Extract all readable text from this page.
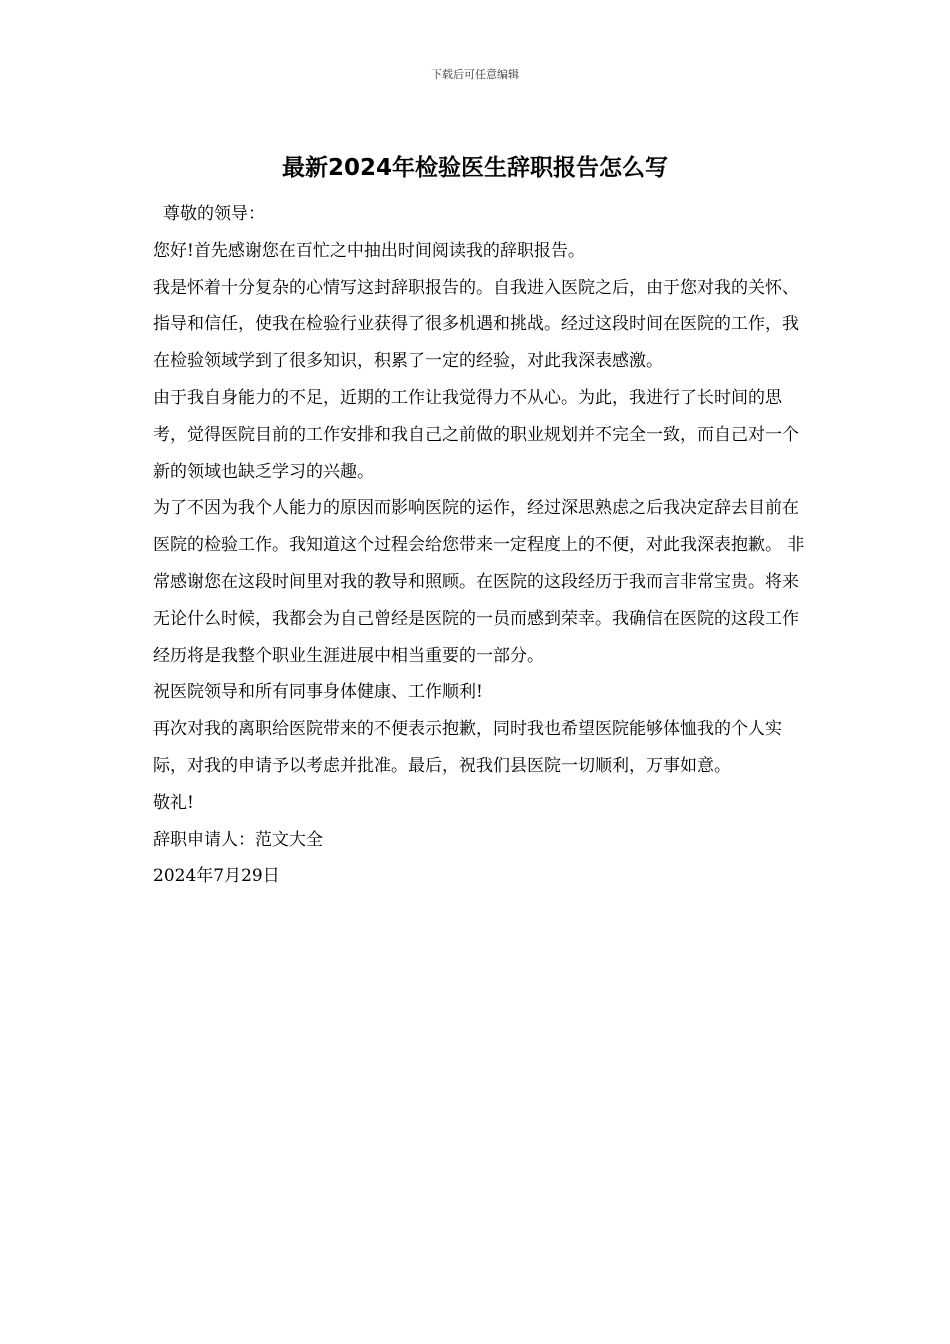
下载后可任意编辑
最新2024年检验医生辞职报告怎么写

尊敬的领导：

您好!首先感谢您在百忙之中抽出时间阅读我的辞职报告。

我是怀着十分复杂的心情写这封辞职报告的。自我进入医院之后，由于您对我的关怀、指导和信任，使我在检验行业获得了很多机遇和挑战。经过这段时间在医院的工作，我在检验领域学到了很多知识，积累了一定的经验，对此我深表感激。

由于我自身能力的不足，近期的工作让我觉得力不从心。为此，我进行了长时间的思考，觉得医院目前的工作安排和我自己之前做的职业规划并不完全一致，而自己对一个新的领域也缺乏学习的兴趣。

为了不因为我个人能力的原因而影响医院的运作，经过深思熟虑之后我决定辞去目前在医院的检验工作。我知道这个过程会给您带来一定程度上的不便，对此我深表抱歉。 非常感谢您在这段时间里对我的教导和照顾。在医院的这段经历于我而言非常宝贵。将来无论什么时候，我都会为自己曾经是医院的一员而感到荣幸。我确信在医院的这段工作经历将是我整个职业生涯进展中相当重要的一部分。

祝医院领导和所有同事身体健康、工作顺利!

再次对我的离职给医院带来的不便表示抱歉，同时我也希望医院能够体恤我的个人实际，对我的申请予以考虑并批准。最后，祝我们县医院一切顺利，万事如意。

敬礼!

辞职申请人：范文大全

2024年7月29日
